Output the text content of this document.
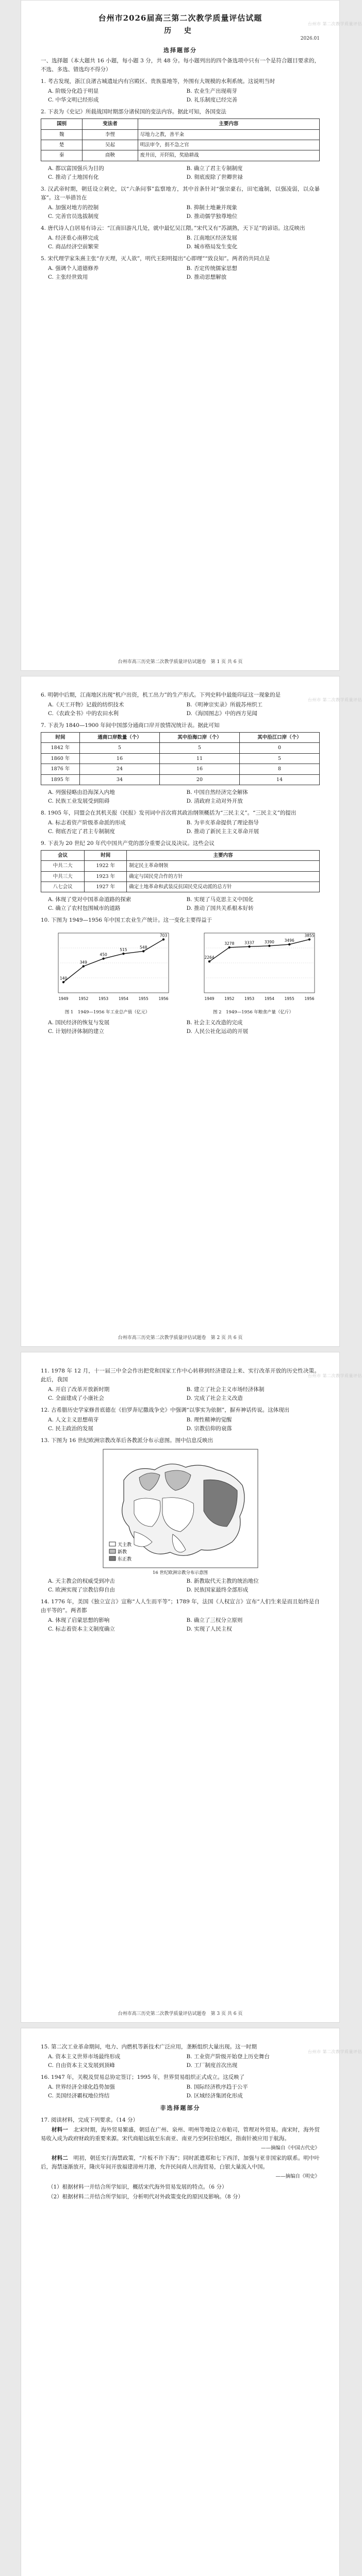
台州市 第二次教学质量评估
台州市2026届高三第二次教学质量评估试题
历 史
2026.01
选择题部分
一、选择题（本大题共 16 小题，每小题 3 分，共 48 分。每小题列出的四个备选项中只有一个是符合题目要求的，不选、多选、错选均不得分）
1. 考古发现，浙江良渚古城遗址内有宫殿区、贵族墓地等，外围有大规模的水利系统。这说明当时
A. 阶级分化趋于明显	B. 农业生产出现萌芽
C. 中华文明已经形成	D. 礼乐制度已经完善
2. 下表为《史记》所载战国时期部分诸侯国的变法内容。据此可知，各国变法
国别	变法者	主要内容
魏	李悝	尽地力之教，善平籴
楚	吴起	明法审令，捐不急之官
秦	商鞅	废井田，开阡陌，奖励耕战
A. 都以富国强兵为目的	B. 确立了君主专制制度
C. 推动了土地国有化	D. 彻底废除了世卿世禄
3. 汉武帝时期，朝廷设立刺史，以“六条问事”监察地方，其中首条针对“强宗豪右，田宅逾制，以强凌弱，以众暴寡”。这一举措旨在
A. 加强对地方的控制	B. 抑制土地兼并现象
C. 完善官员选拔制度	D. 推动儒学独尊地位
4. 唐代诗人白居易有诗云：“江南旧游凡几处，就中最忆吴江隈。”宋代又有“苏湖熟，天下足”的谚语。这反映出
A. 经济重心南移完成	B. 江南地区经济发展
C. 商品经济空前繁荣	D. 城市格局发生变化
5. 宋代理学家朱熹主张“存天理，灭人欲”，明代王阳明提出“心即理”“致良知”。两者的共同点是
A. 强调个人道德修养	B. 否定传统儒家思想
C. 主张经世致用	D. 推动思想解放
台州市高三历史第二次教学质量评估试题卷　第 1 页 共 6 页
台州市 第二次教学质量评估
6. 明朝中后期，江南地区出现“机户出资，机工出力”的生产形式。下列史料中最能印证这一现象的是
A.《天工开物》记载的纺织技术	B.《明神宗实录》所载苏州织工
C.《农政全书》中的农田水利	D.《海国图志》中的西方见闻
7. 下表为 1840—1900 年间中国部分通商口岸开放情况统计表。据此可知
时间	通商口岸数量（个）	其中沿海口岸（个）	其中沿江口岸（个）
1842 年	5	5	0
1860 年	16	11	5
1876 年	24	16	8
1895 年	34	20	14
A. 列强侵略由沿海深入内地	B. 中国自然经济完全解体
C. 民族工业发展受到阻碍	D. 清政府主动对外开放
8. 1905 年，同盟会在其机关报《民报》发刊词中首次将其政治纲领概括为“三民主义”。“三民主义”的提出
A. 标志着资产阶级革命派的形成	B. 为辛亥革命提供了理论指导
C. 彻底否定了君主专制制度	D. 推动了新民主主义革命开展
9. 下表为 20 世纪 20 年代中国共产党的部分重要会议及决议。这些会议
会议	时间	主要内容
中共二大	1922 年	制定民主革命纲领
中共三大	1923 年	确定与国民党合作的方针
八七会议	1927 年	确定土地革命和武装反抗国民党反动派的总方针
A. 体现了党对中国革命道路的探索	B. 实现了马克思主义中国化
C. 确立了农村包围城市的道路	D. 推动了国共关系根本好转
10. 下图为 1949—1956 年中国工农业生产统计。这一变化主要得益于
140
1949
349
1952
450
1953
515
1954
548
1955
703
1956
图 1　1949—1956 年工业总产值（亿元）
2264
1949
3278
1952
3337
1953
3390
1954
3496
1955
3855
1956
图 2　1949—1956 年粮食产量（亿斤）
A. 国民经济的恢复与发展	B. 社会主义改造的完成
C. 计划经济体制的建立	D. 人民公社化运动的开展
台州市高三历史第二次教学质量评估试题卷　第 2 页 共 6 页
台州市 第二次教学质量评估
11. 1978 年 12 月，十一届三中全会作出把党和国家工作中心转移到经济建设上来、实行改革开放的历史性决策。此后，我国
A. 开启了改革开放新时期	B. 建立了社会主义市场经济体制
C. 全面建成了小康社会	D. 完成了社会主义改造
12. 古希腊历史学家修昔底德在《伯罗奔尼撒战争史》中强调“以事实为依据”，摒弃神话传说。这体现出
A. 人文主义思想萌芽	B. 理性精神的觉醒
C. 民主政治的发展	D. 宗教信仰的衰落
13. 下图为 16 世纪欧洲宗教改革后各教派分布示意图。图中信息反映出
天主教
新教
东正教
16 世纪欧洲宗教分布示意图
A. 天主教会的权威受到冲击	B. 新教取代天主教的统治地位
C. 欧洲实现了宗教信仰自由	D. 民族国家最终全部形成
14. 1776 年，美国《独立宣言》宣称“人人生而平等”；1789 年，法国《人权宣言》宣布“人们生来是而且始终是自由平等的”。两者都
A. 体现了启蒙思想的影响	B. 确立了三权分立原则
C. 标志着资本主义制度确立	D. 实现了人民主权
台州市高三历史第二次教学质量评估试题卷　第 3 页 共 6 页
台州市 第二次教学质量评估
15. 第二次工业革命期间，电力、内燃机等新技术广泛应用，垄断组织大量出现。这一时期
A. 资本主义世界市场最终形成	B. 工业资产阶级开始登上历史舞台
C. 自由资本主义发展到顶峰	D. 工厂制度首次出现
16. 1947 年，关税及贸易总协定签订；1995 年，世界贸易组织正式成立。这反映了
A. 世界经济全球化趋势加强	B. 国际经济秩序趋于公平
C. 美国经济霸权地位终结	D. 区域经济集团化形成
非选择题部分
17. 阅读材料，完成下列要求。（14 分）
材料一　 北宋时期，海外贸易繁盛，朝廷在广州、泉州、明州等地设立市舶司，管理对外贸易。南宋时，海外贸易收入成为政府财政的重要来源。宋代商船远航至东南亚、南亚乃至阿拉伯地区，指南针被应用于航海。
——摘编自《中国古代史》
材料二　 明初，朝廷实行海禁政策，“片板不许下海”；同时派遣郑和七下西洋，加强与亚非国家的联系。明中叶后，海禁逐渐放开，隆庆年间开放福建漳州月港，允许民间商人出海贸易，白银大量流入中国。
——摘编自《明史》
（1）根据材料一并结合所学知识，概括宋代海外贸易发展的特点。（6 分）
（2）根据材料二并结合所学知识，分析明代对外政策变化的原因及影响。（8 分）
